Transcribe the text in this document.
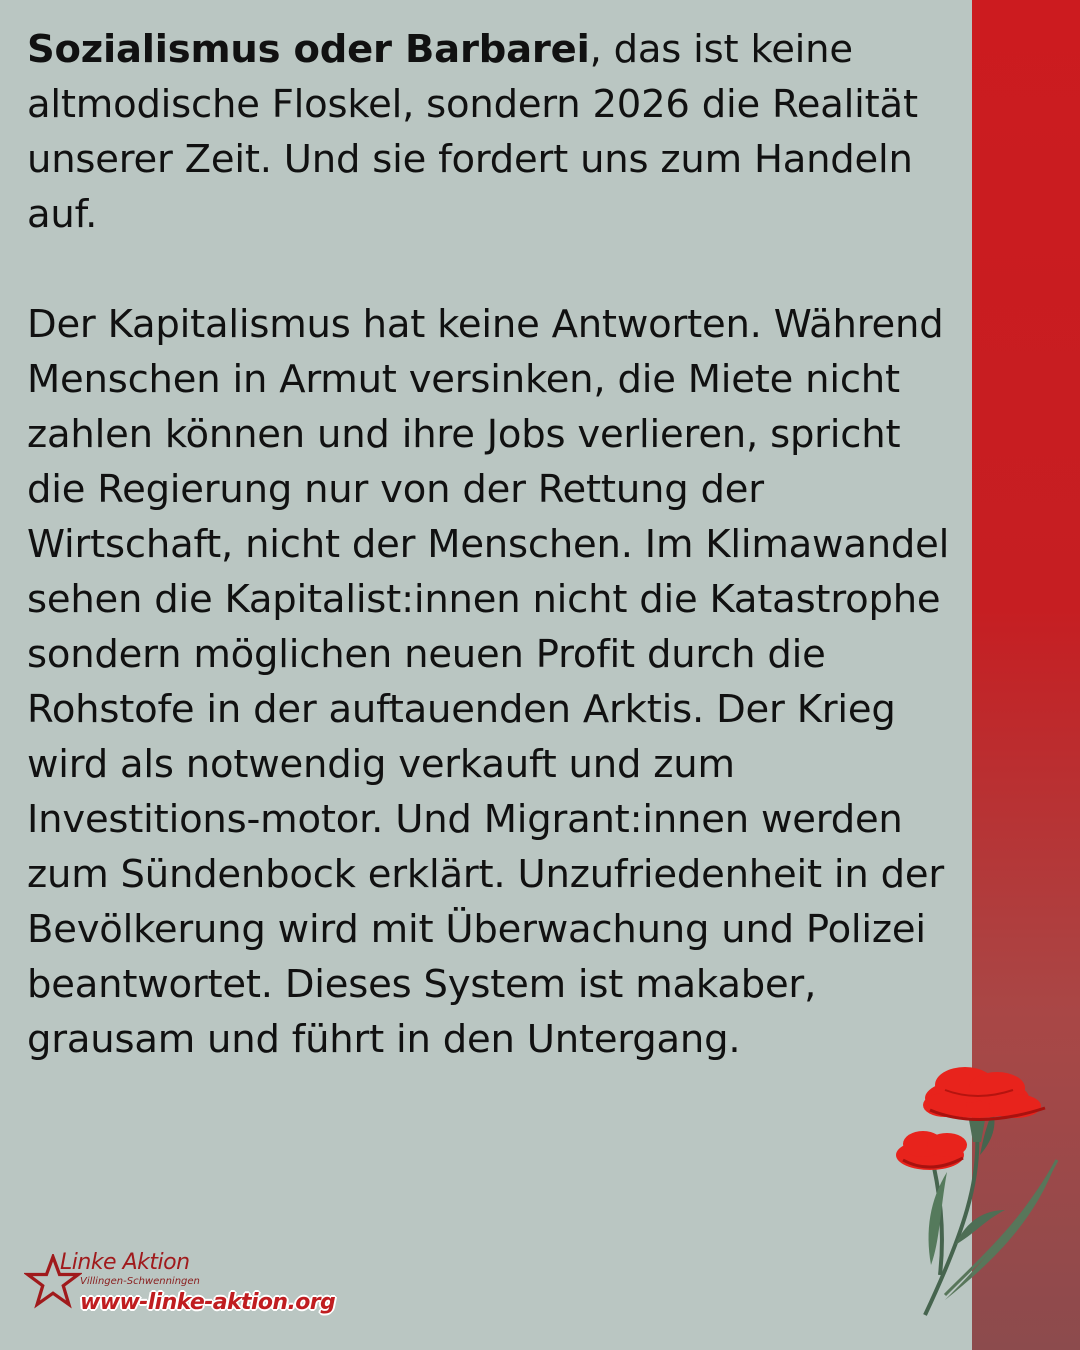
Sozialismus oder Barbarei, das ist keine altmodische Floskel, sondern 2026 die Realität unserer Zeit. Und sie fordert uns zum Handeln auf.

Der Kapitalismus hat keine Antworten. Während Menschen in Armut versinken, die Miete nicht zahlen können und ihre Jobs verlieren, spricht die Regierung nur von der Rettung der Wirtschaft, nicht der Menschen. Im Klimawandel sehen die Kapitalist:innen nicht die Katastrophe sondern möglichen neuen Profit durch die Rohstofe in der auftauenden Arktis. Der Krieg wird als notwendig verkauft und zum Investitions-motor. Und Migrant:innen werden zum Sündenbock erklärt. Unzufriedenheit in der Bevölkerung wird mit Überwachung und Polizei beantwortet. Dieses System ist makaber, grausam und führt in den Untergang.

Linke Aktion
Villingen-Schwenningen
www-linke-aktion.org
